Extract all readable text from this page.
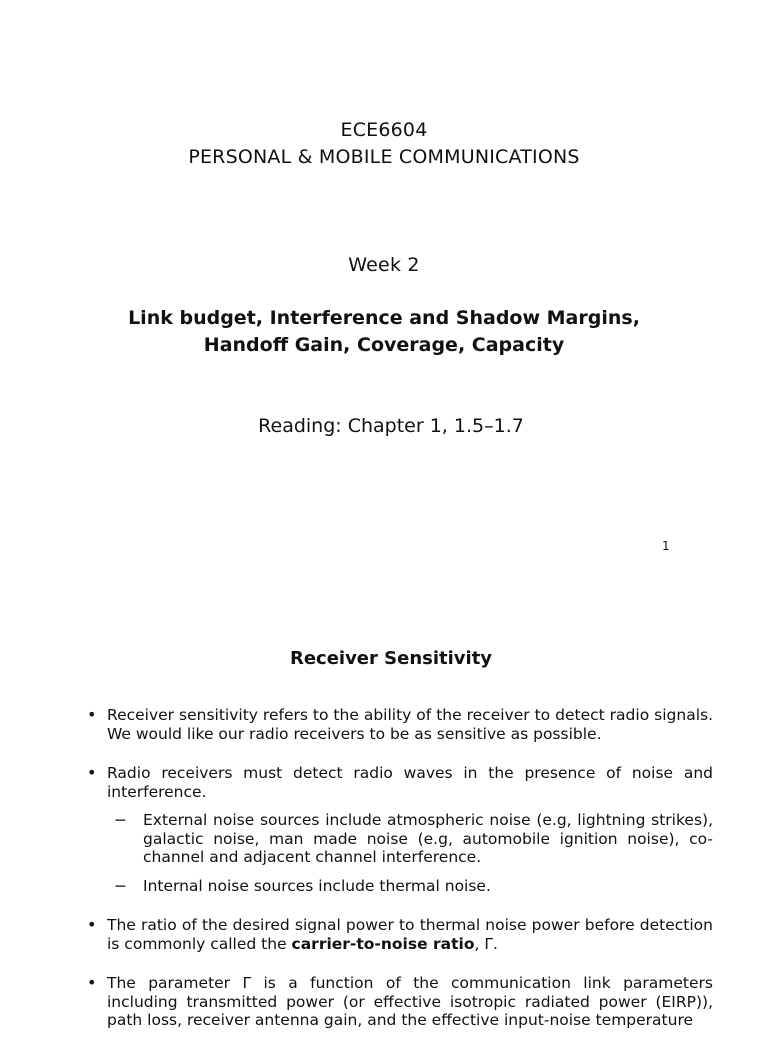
ECE6604

PERSONAL & MOBILE COMMUNICATIONS

Week 2

Link budget, Interference and Shadow Margins,

Handoff Gain, Coverage, Capacity

Reading: Chapter 1, 1.5–1.7

1
Receiver Sensitivity
• Receiver sensitivity refers to the ability of the receiver to detect radio signals. We would like our radio receivers to be as sensitive as possible.
• Radio receivers must detect radio waves in the presence of noise and interference.
− External noise sources include atmospheric noise (e.g, lightning strikes), galactic noise, man made noise (e.g, automobile ignition noise), co-channel and adjacent channel interference.
− Internal noise sources include thermal noise.
• The ratio of the desired signal power to thermal noise power before detection is commonly called the carrier-to-noise ratio, Γ.
• The parameter Γ is a function of the communication link parameters including transmitted power (or effective isotropic radiated power (EIRP)), path loss, receiver antenna gain, and the effective input-noise temperature
